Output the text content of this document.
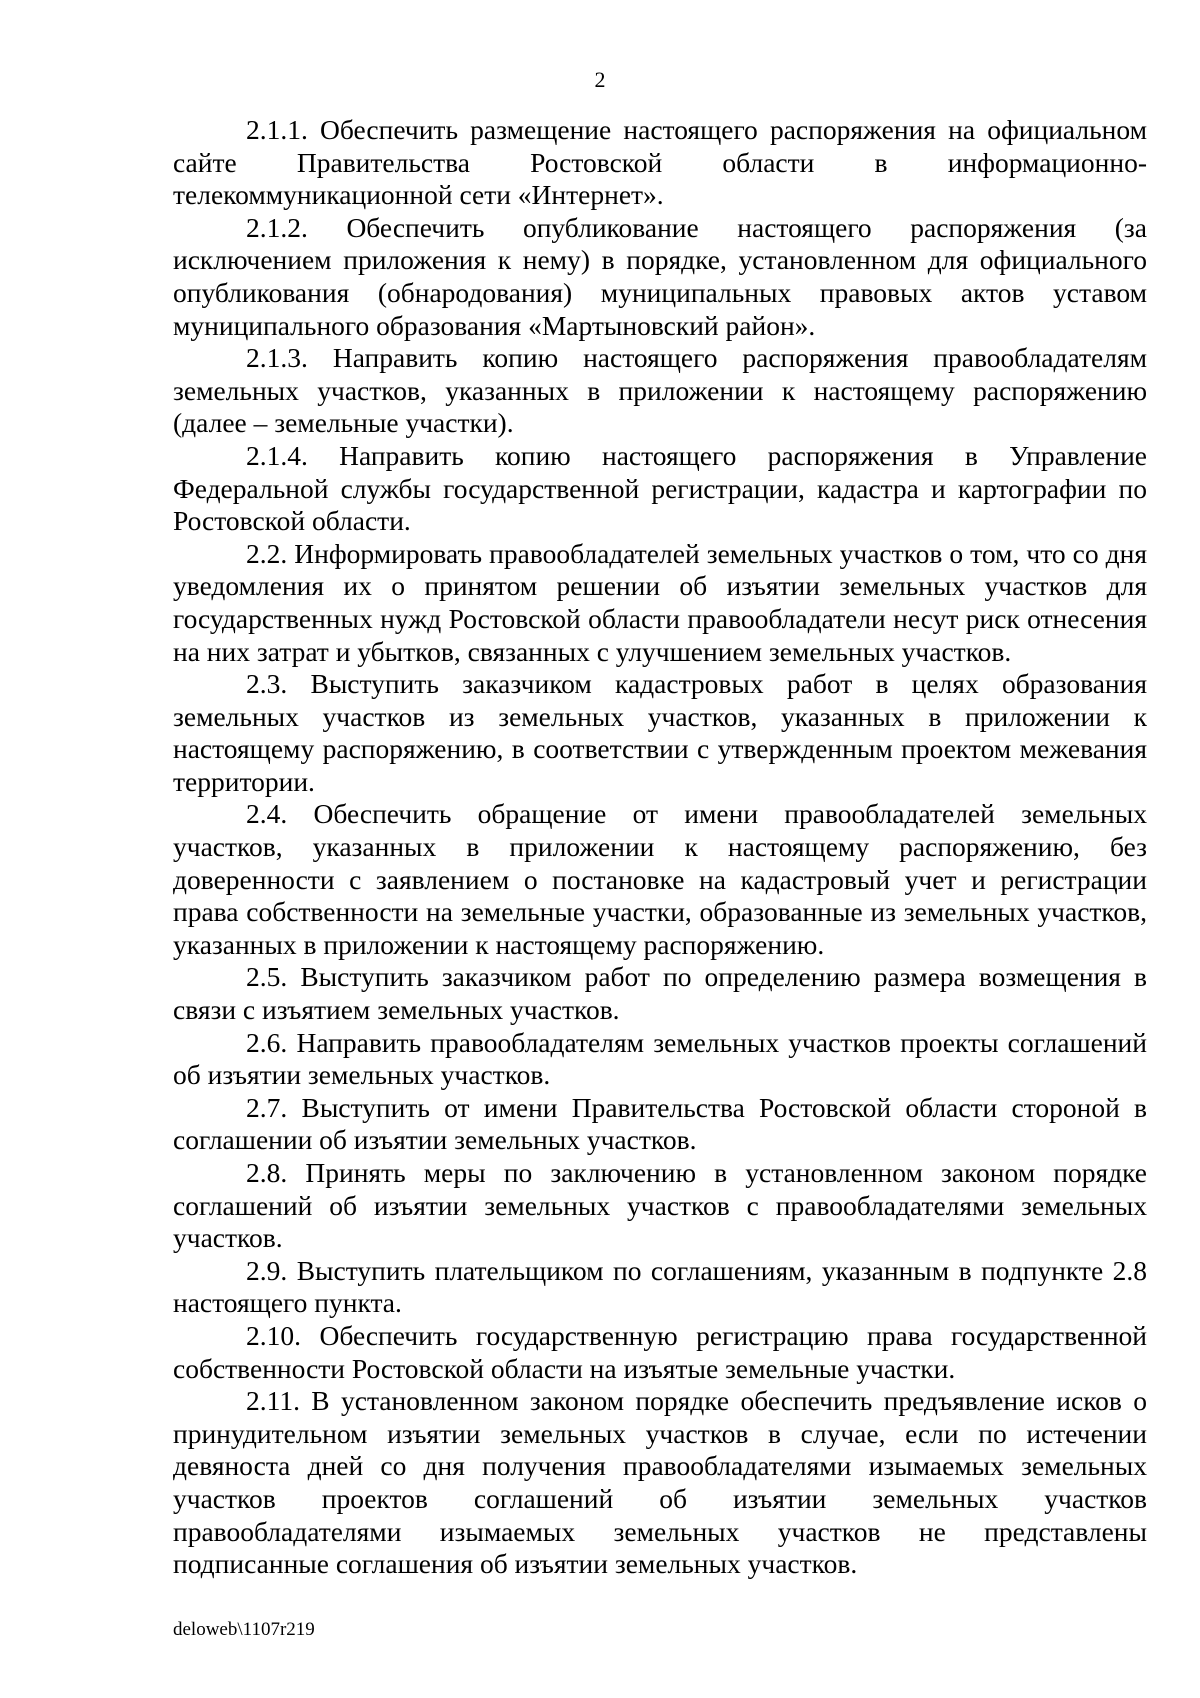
2

2.1.1. Обеспечить размещение настоящего распоряжения на официальном сайте Правительства Ростовской области в информационно-телекоммуникационной сети «Интернет».

2.1.2. Обеспечить опубликование настоящего распоряжения (за исключением приложения к нему) в порядке, установленном для официального опубликования (обнародования) муниципальных правовых актов уставом муниципального образования «Мартыновский район».

2.1.3. Направить копию настоящего распоряжения правообладателям земельных участков, указанных в приложении к настоящему распоряжению (далее – земельные участки).

2.1.4. Направить копию настоящего распоряжения в Управление Федеральной службы государственной регистрации, кадастра и картографии по Ростовской области.

2.2. Информировать правообладателей земельных участков о том, что со дня уведомления их о принятом решении об изъятии земельных участков для государственных нужд Ростовской области правообладатели несут риск отнесения на них затрат и убытков, связанных с улучшением земельных участков.

2.3. Выступить заказчиком кадастровых работ в целях образования земельных участков из земельных участков, указанных в приложении к настоящему распоряжению, в соответствии с утвержденным проектом межевания территории.

2.4. Обеспечить обращение от имени правообладателей земельных участков, указанных в приложении к настоящему распоряжению, без доверенности с заявлением о постановке на кадастровый учет и регистрации права собственности на земельные участки, образованные из земельных участков, указанных в приложении к настоящему распоряжению.

2.5. Выступить заказчиком работ по определению размера возмещения в связи с изъятием земельных участков.

2.6. Направить правообладателям земельных участков проекты соглашений об изъятии земельных участков.

2.7. Выступить от имени Правительства Ростовской области стороной в соглашении об изъятии земельных участков.

2.8. Принять меры по заключению в установленном законом порядке соглашений об изъятии земельных участков с правообладателями земельных участков.

2.9. Выступить плательщиком по соглашениям, указанным в подпункте 2.8 настоящего пункта.

2.10. Обеспечить государственную регистрацию права государственной собственности Ростовской области на изъятые земельные участки.

2.11. В установленном законом порядке обеспечить предъявление исков о принудительном изъятии земельных участков в случае, если по истечении девяноста дней со дня получения правообладателями изымаемых земельных участков проектов соглашений об изъятии земельных участков правообладателями изымаемых земельных участков не представлены подписанные соглашения об изъятии земельных участков.

deloweb\1107r219
